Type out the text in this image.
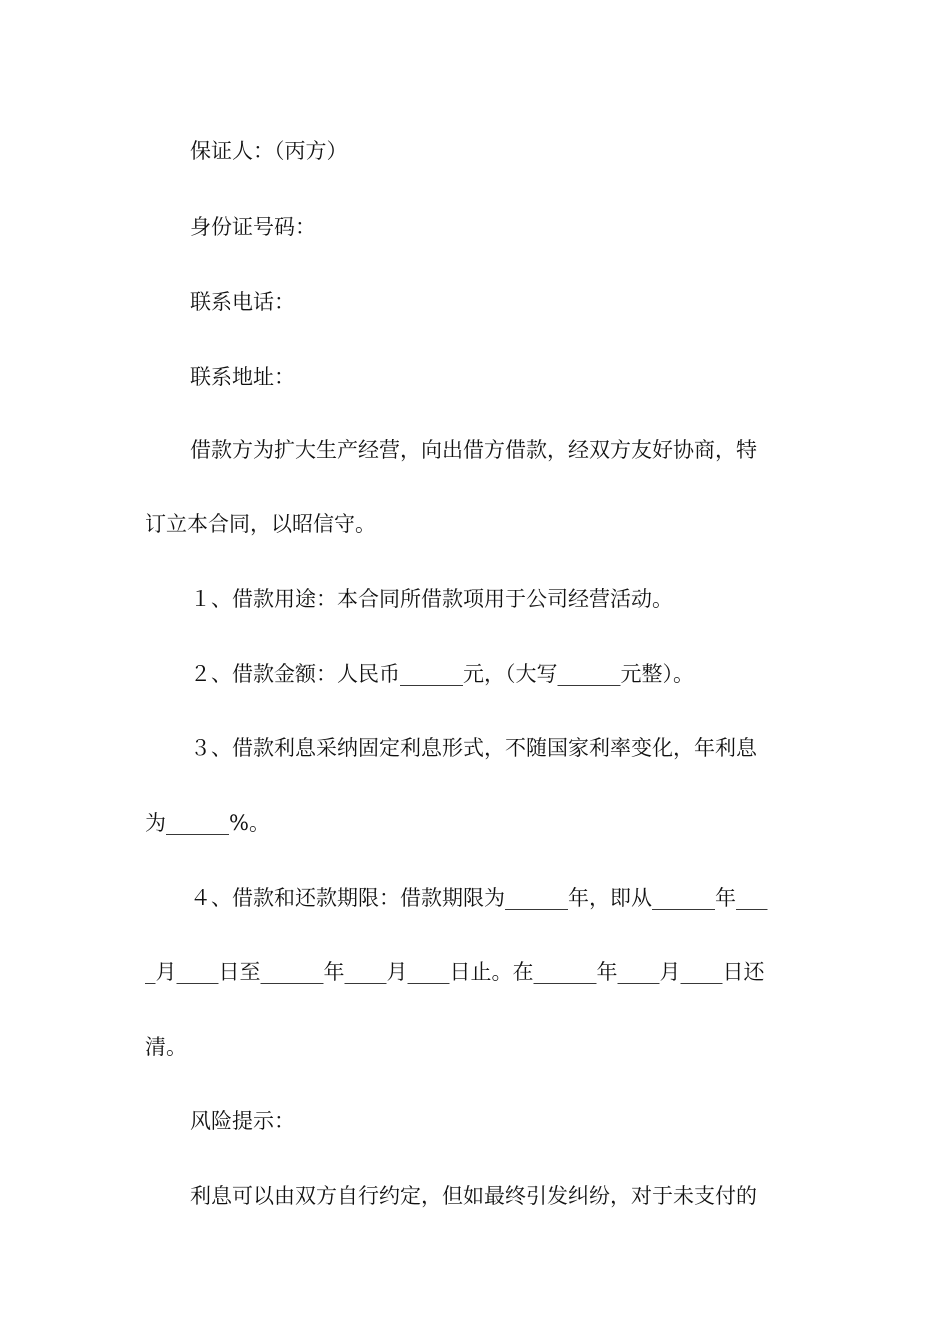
保证人：（丙方）
身份证号码：
联系电话：
联系地址：
借款方为扩大生产经营，向出借方借款，经双方友好协商，特
订立本合同，以昭信守。
１、借款用途：本合同所借款项用于公司经营活动。
２、借款金额：人民币______元，（大写______元整）。
３、借款利息采纳固定利息形式，不随国家利率变化，年利息
为______%。
４、借款和还款期限：借款期限为______年，即从______年___
_月____日至______年____月____日止。在______年____月____日还
清。
风险提示：
利息可以由双方自行约定，但如最终引发纠纷，对于未支付的
